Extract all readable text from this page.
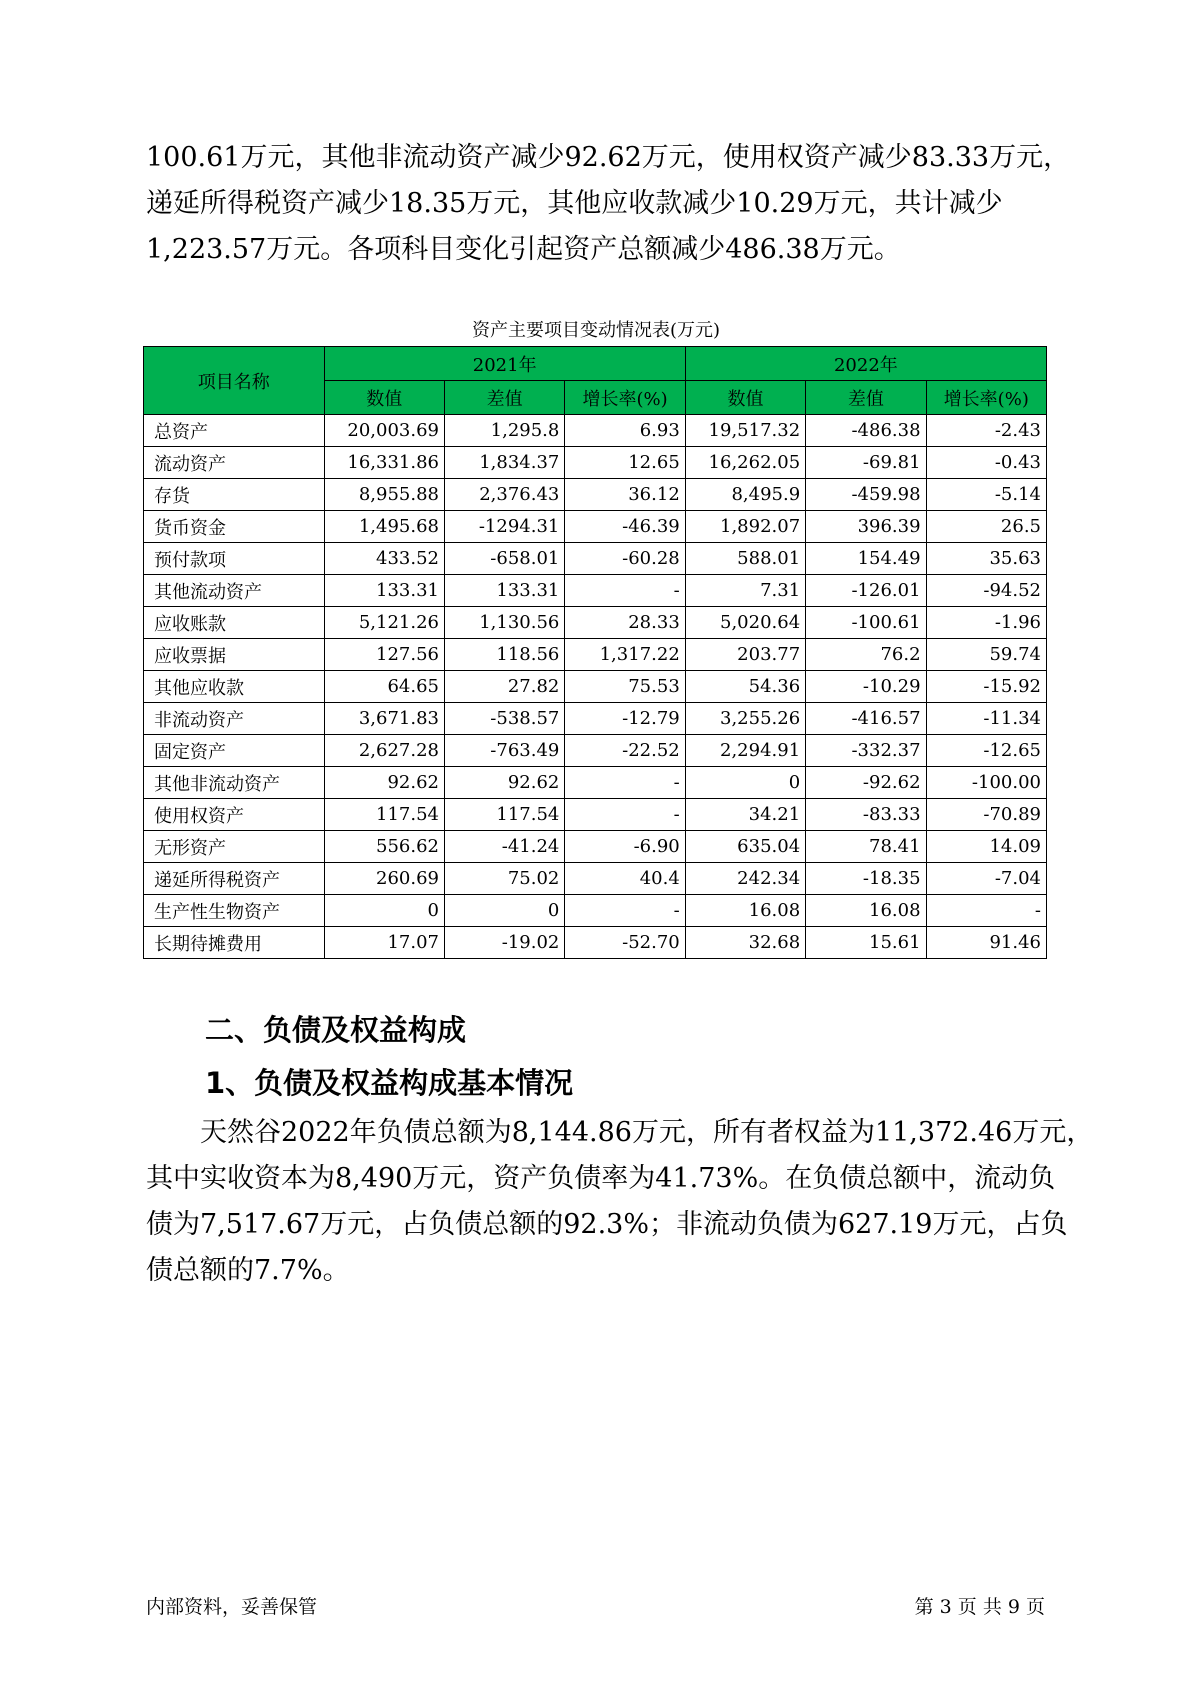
100.61万元，其他非流动资产减少92.62万元，使用权资产减少83.33万元，
递延所得税资产减少18.35万元，其他应收款减少10.29万元，共计减少
1,223.57万元。各项科目变化引起资产总额减少486.38万元。
资产主要项目变动情况表(万元)
项目名称	2021年			2022年		
	数值	差值	增长率(%)	数值	差值	增长率(%)
总资产	20,003.69	1,295.8	6.93	19,517.32	-486.38	-2.43
流动资产	16,331.86	1,834.37	12.65	16,262.05	-69.81	-0.43
存货	8,955.88	2,376.43	36.12	8,495.9	-459.98	-5.14
货币资金	1,495.68	-1294.31	-46.39	1,892.07	396.39	26.5
预付款项	433.52	-658.01	-60.28	588.01	154.49	35.63
其他流动资产	133.31	133.31	-	7.31	-126.01	-94.52
应收账款	5,121.26	1,130.56	28.33	5,020.64	-100.61	-1.96
应收票据	127.56	118.56	1,317.22	203.77	76.2	59.74
其他应收款	64.65	27.82	75.53	54.36	-10.29	-15.92
非流动资产	3,671.83	-538.57	-12.79	3,255.26	-416.57	-11.34
固定资产	2,627.28	-763.49	-22.52	2,294.91	-332.37	-12.65
其他非流动资产	92.62	92.62	-	0	-92.62	-100.00
使用权资产	117.54	117.54	-	34.21	-83.33	-70.89
无形资产	556.62	-41.24	-6.90	635.04	78.41	14.09
递延所得税资产	260.69	75.02	40.4	242.34	-18.35	-7.04
生产性生物资产	0	0	-	16.08	16.08	-
长期待摊费用	17.07	-19.02	-52.70	32.68	15.61	91.46
二、负债及权益构成
1、负债及权益构成基本情况
天然谷2022年负债总额为8,144.86万元，所有者权益为11,372.46万元，
其中实收资本为8,490万元，资产负债率为41.73%。在负债总额中，流动负
债为7,517.67万元，占负债总额的92.3%；非流动负债为627.19万元，占负
债总额的7.7%。
内部资料，妥善保管	第 3 页 共 9 页
